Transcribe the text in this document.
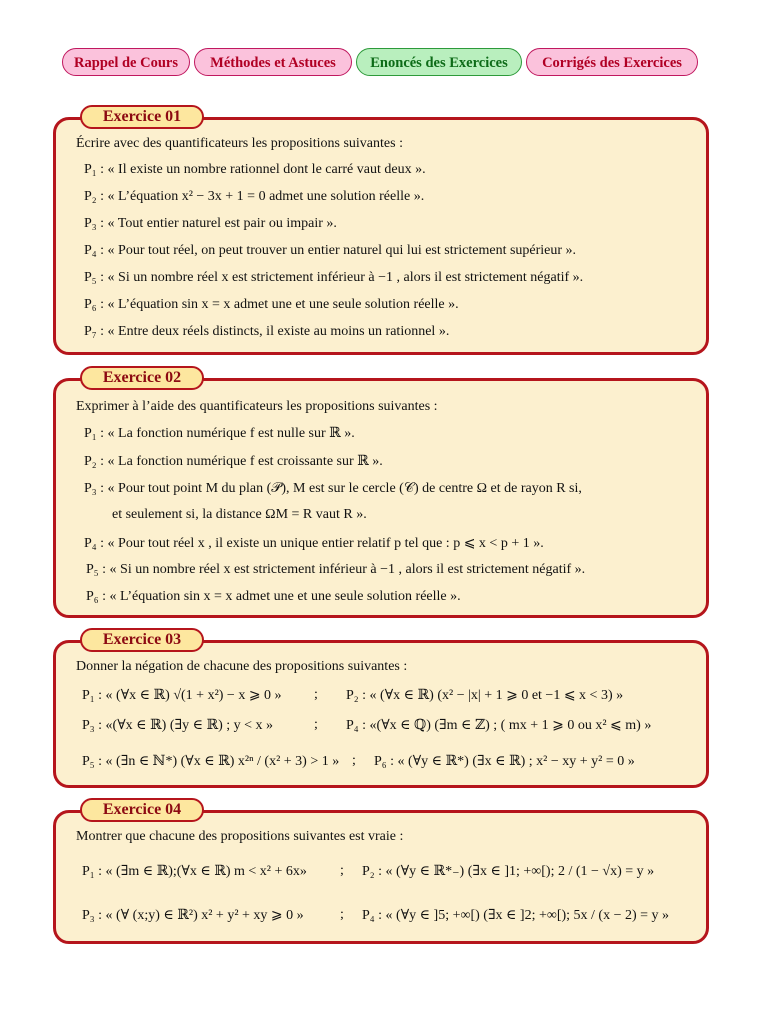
Rappel de Cours	Méthodes et Astuces	Enoncés des Exercices	Corrigés des Exercices
Exercice 01
Écrire avec des quantificateurs les propositions suivantes :
P₁ : « Il existe un nombre rationnel dont le carré vaut deux ».
P₂ : « L’équation x² − 3x + 1 = 0 admet une solution réelle ».
P₃ : « Tout entier naturel est pair ou impair ».
P₄ : « Pour tout réel, on peut trouver un entier naturel qui lui est strictement supérieur ».
P₅ : « Si un nombre réel x est strictement inférieur à −1 , alors il est strictement négatif ».
P₆ : « L’équation sin x = x admet une et une seule solution réelle ».
P₇ : « Entre deux réels distincts, il existe au moins un rationnel ».
Exercice 02
Exprimer à l’aide des quantificateurs les propositions suivantes :
P₁ : « La fonction numérique f est nulle sur ℝ ».
P₂ : « La fonction numérique f est croissante sur ℝ ».
P₃ : « Pour tout point M du plan (𝒫), M est sur le cercle (𝒞) de centre Ω et de rayon R si,
et seulement si, la distance ΩM = R vaut R ».
P₄ : « Pour tout réel x , il existe un unique entier relatif p tel que : p ⩽ x < p + 1 ».
P₅ : « Si un nombre réel x est strictement inférieur à −1 , alors il est strictement négatif ».
P₆ : « L’équation sin x = x admet une et une seule solution réelle ».
Exercice 03
Donner la négation de chacune des propositions suivantes :
P₁ : « (∀x ∈ ℝ) √(1 + x²) − x ⩾ 0 » ; P₂ : « (∀x ∈ ℝ) (x² − |x| + 1 ⩾ 0 et −1 ⩽ x < 3) »
P₃ : «(∀x ∈ ℝ) (∃y ∈ ℝ) ; y < x »	; P₄ : «(∀x ∈ ℚ) (∃m ∈ ℤ) ; ( mx + 1 ⩾ 0 ou x² ⩽ m) »
P₅ : « (∃n ∈ ℕ*) (∀x ∈ ℝ) x²ⁿ / (x² + 3) > 1 » ; P₆ : « (∀y ∈ ℝ*) (∃x ∈ ℝ) ; x² − xy + y² = 0 »
Exercice 04
Montrer que chacune des propositions suivantes est vraie :
P₁ : « (∃m ∈ ℝ);(∀x ∈ ℝ) m < x² + 6x» ; P₂ : « (∀y ∈ ℝ*₋) (∃x ∈ ]1; +∞[); 2 / (1 − √x) = y »
P₃ : « (∀ (x;y) ∈ ℝ²) x² + y² + xy ⩾ 0 »	; P₄ : « (∀y ∈ ]5; +∞[) (∃x ∈ ]2; +∞[); 5x / (x − 2) = y »
